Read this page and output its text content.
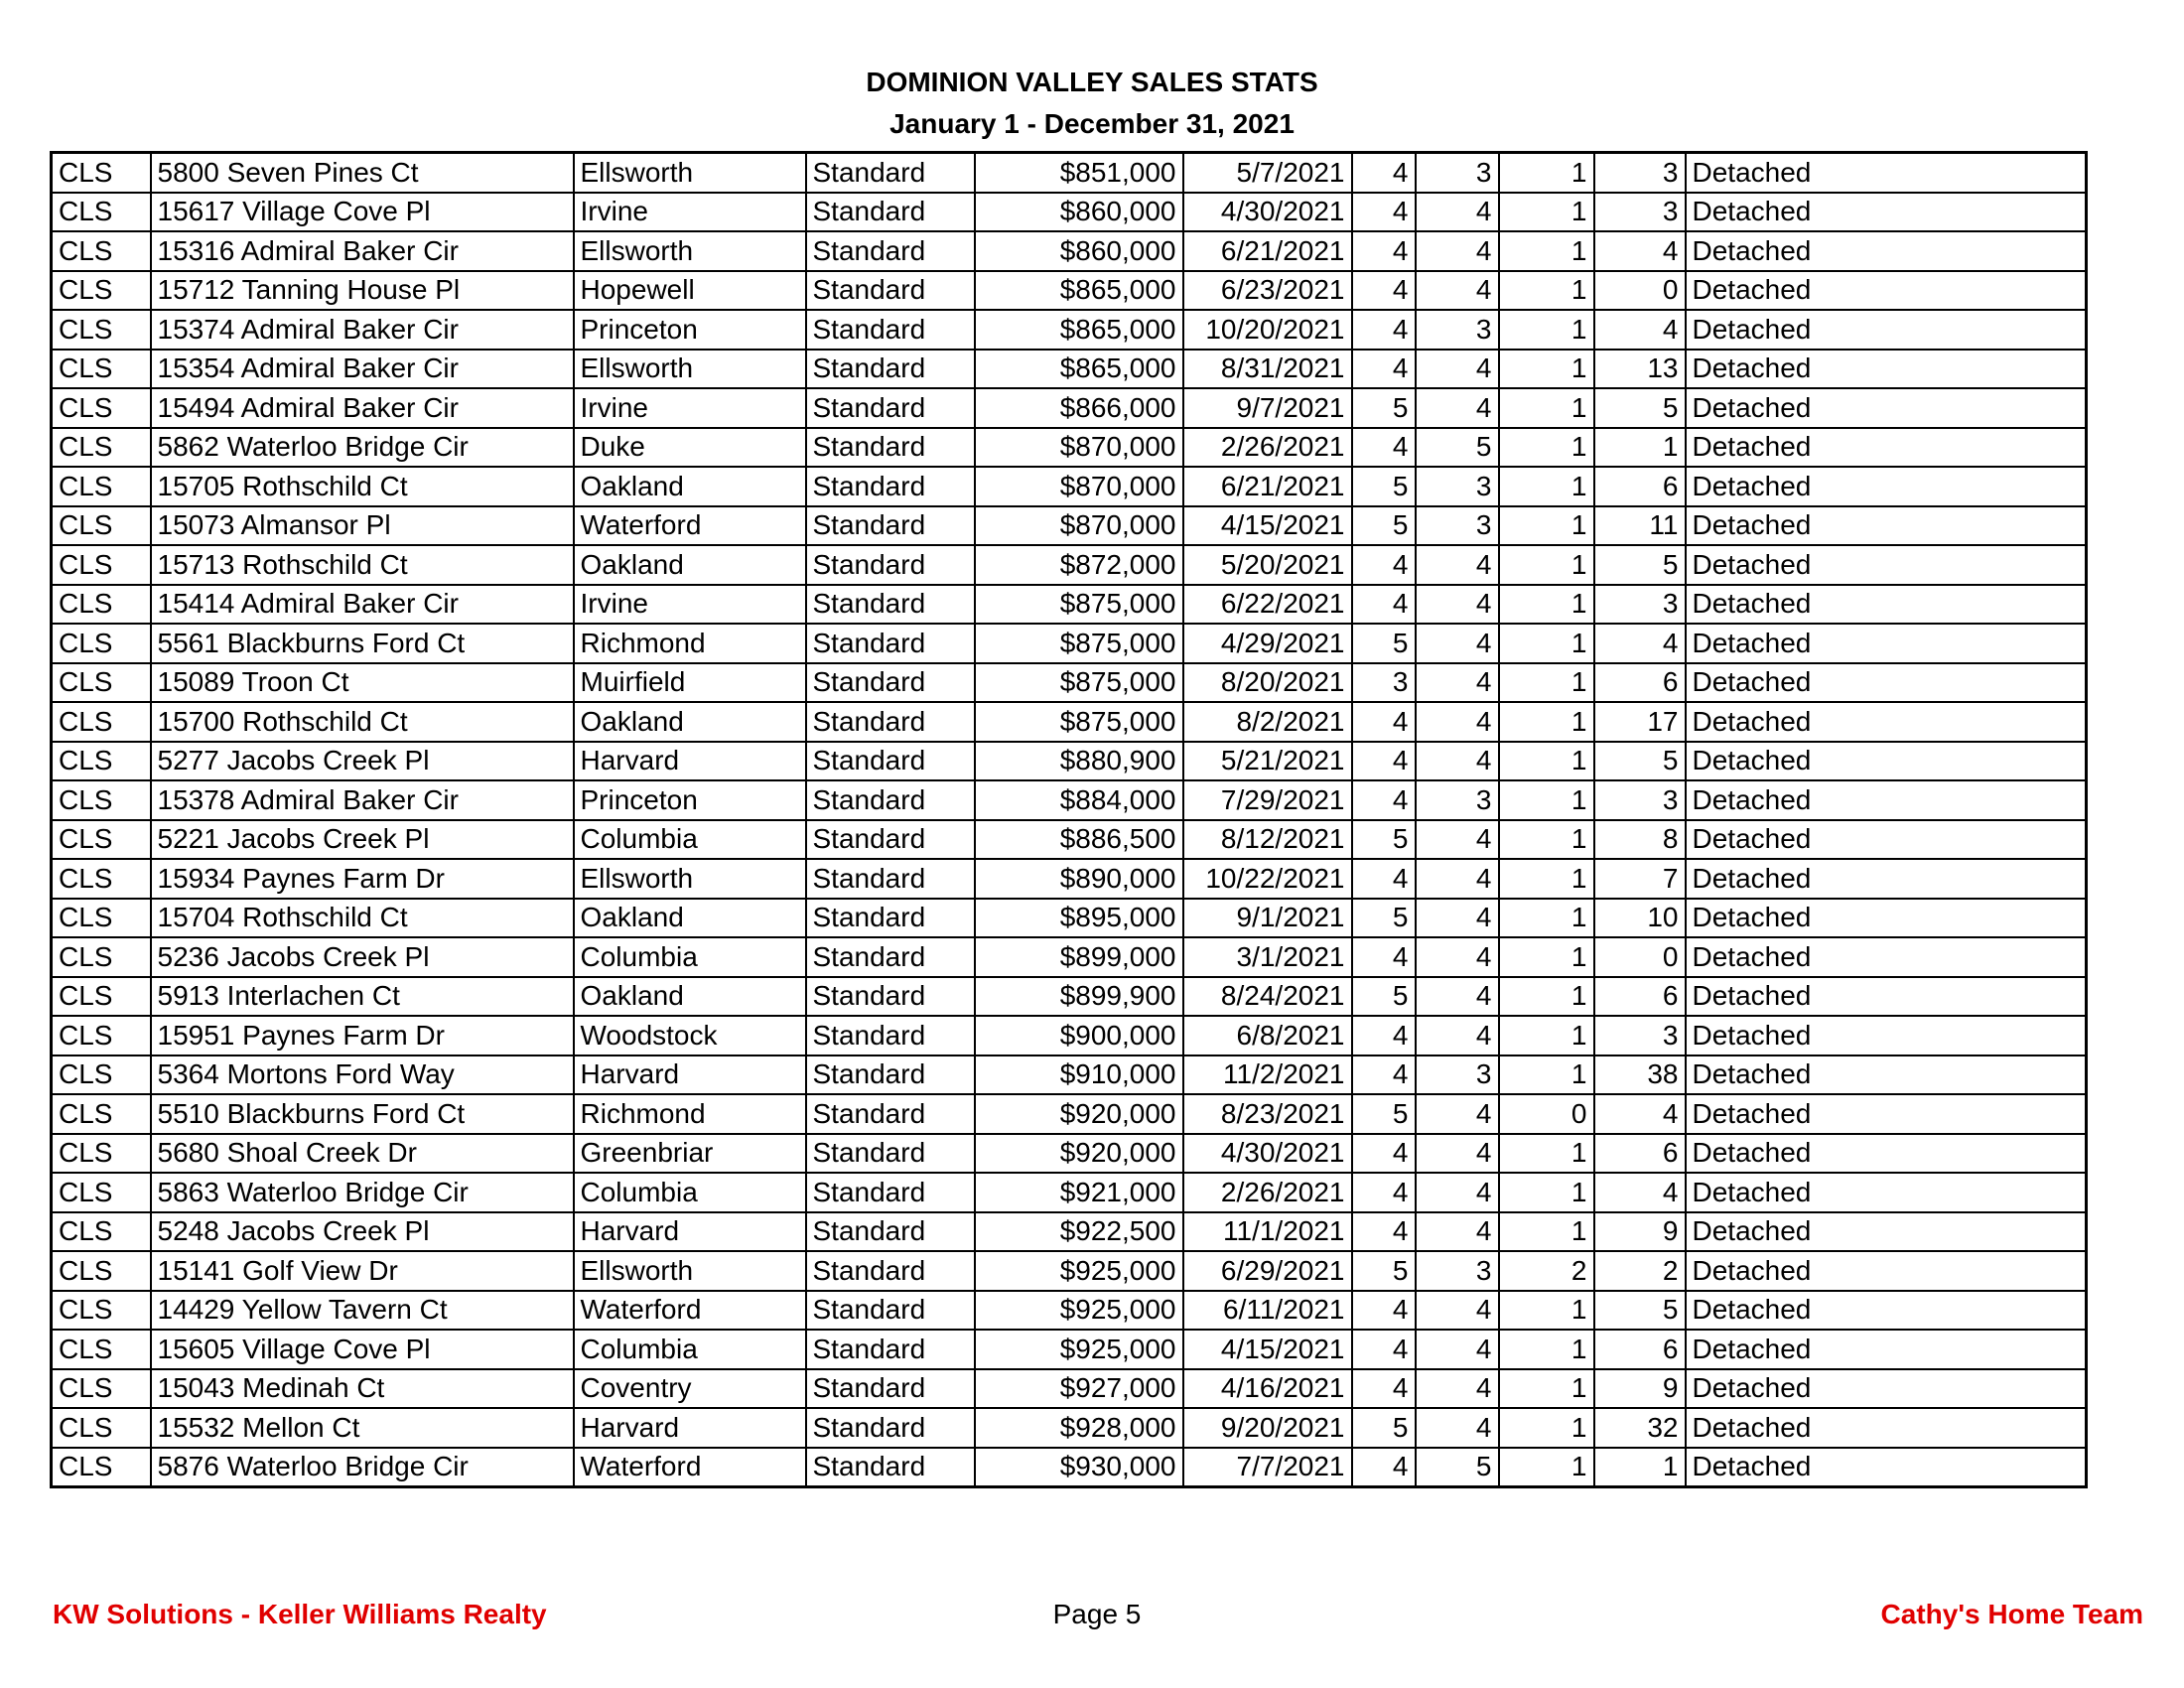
DOMINION VALLEY SALES STATS
January 1 - December 31, 2021
CLS	5800 Seven Pines Ct	Ellsworth	Standard	$851,000	5/7/2021	4	3	1	3	Detached
CLS	15617 Village Cove Pl	Irvine	Standard	$860,000	4/30/2021	4	4	1	3	Detached
CLS	15316 Admiral Baker Cir	Ellsworth	Standard	$860,000	6/21/2021	4	4	1	4	Detached
CLS	15712 Tanning House Pl	Hopewell	Standard	$865,000	6/23/2021	4	4	1	0	Detached
CLS	15374 Admiral Baker Cir	Princeton	Standard	$865,000	10/20/2021	4	3	1	4	Detached
CLS	15354 Admiral Baker Cir	Ellsworth	Standard	$865,000	8/31/2021	4	4	1	13	Detached
CLS	15494 Admiral Baker Cir	Irvine	Standard	$866,000	9/7/2021	5	4	1	5	Detached
CLS	5862 Waterloo Bridge Cir	Duke	Standard	$870,000	2/26/2021	4	5	1	1	Detached
CLS	15705 Rothschild Ct	Oakland	Standard	$870,000	6/21/2021	5	3	1	6	Detached
CLS	15073 Almansor Pl	Waterford	Standard	$870,000	4/15/2021	5	3	1	11	Detached
CLS	15713 Rothschild Ct	Oakland	Standard	$872,000	5/20/2021	4	4	1	5	Detached
CLS	15414 Admiral Baker Cir	Irvine	Standard	$875,000	6/22/2021	4	4	1	3	Detached
CLS	5561 Blackburns Ford Ct	Richmond	Standard	$875,000	4/29/2021	5	4	1	4	Detached
CLS	15089 Troon Ct	Muirfield	Standard	$875,000	8/20/2021	3	4	1	6	Detached
CLS	15700 Rothschild Ct	Oakland	Standard	$875,000	8/2/2021	4	4	1	17	Detached
CLS	5277 Jacobs Creek Pl	Harvard	Standard	$880,900	5/21/2021	4	4	1	5	Detached
CLS	15378 Admiral Baker Cir	Princeton	Standard	$884,000	7/29/2021	4	3	1	3	Detached
CLS	5221 Jacobs Creek Pl	Columbia	Standard	$886,500	8/12/2021	5	4	1	8	Detached
CLS	15934 Paynes Farm Dr	Ellsworth	Standard	$890,000	10/22/2021	4	4	1	7	Detached
CLS	15704 Rothschild Ct	Oakland	Standard	$895,000	9/1/2021	5	4	1	10	Detached
CLS	5236 Jacobs Creek Pl	Columbia	Standard	$899,000	3/1/2021	4	4	1	0	Detached
CLS	5913 Interlachen Ct	Oakland	Standard	$899,900	8/24/2021	5	4	1	6	Detached
CLS	15951 Paynes Farm Dr	Woodstock	Standard	$900,000	6/8/2021	4	4	1	3	Detached
CLS	5364 Mortons Ford Way	Harvard	Standard	$910,000	11/2/2021	4	3	1	38	Detached
CLS	5510 Blackburns Ford Ct	Richmond	Standard	$920,000	8/23/2021	5	4	0	4	Detached
CLS	5680 Shoal Creek Dr	Greenbriar	Standard	$920,000	4/30/2021	4	4	1	6	Detached
CLS	5863 Waterloo Bridge Cir	Columbia	Standard	$921,000	2/26/2021	4	4	1	4	Detached
CLS	5248 Jacobs Creek Pl	Harvard	Standard	$922,500	11/1/2021	4	4	1	9	Detached
CLS	15141 Golf View Dr	Ellsworth	Standard	$925,000	6/29/2021	5	3	2	2	Detached
CLS	14429 Yellow Tavern Ct	Waterford	Standard	$925,000	6/11/2021	4	4	1	5	Detached
CLS	15605 Village Cove Pl	Columbia	Standard	$925,000	4/15/2021	4	4	1	6	Detached
CLS	15043 Medinah Ct	Coventry	Standard	$927,000	4/16/2021	4	4	1	9	Detached
CLS	15532 Mellon Ct	Harvard	Standard	$928,000	9/20/2021	5	4	1	32	Detached
CLS	5876 Waterloo Bridge Cir	Waterford	Standard	$930,000	7/7/2021	4	5	1	1	Detached
KW Solutions - Keller Williams Realty	Page 5	Cathy's Home Team
